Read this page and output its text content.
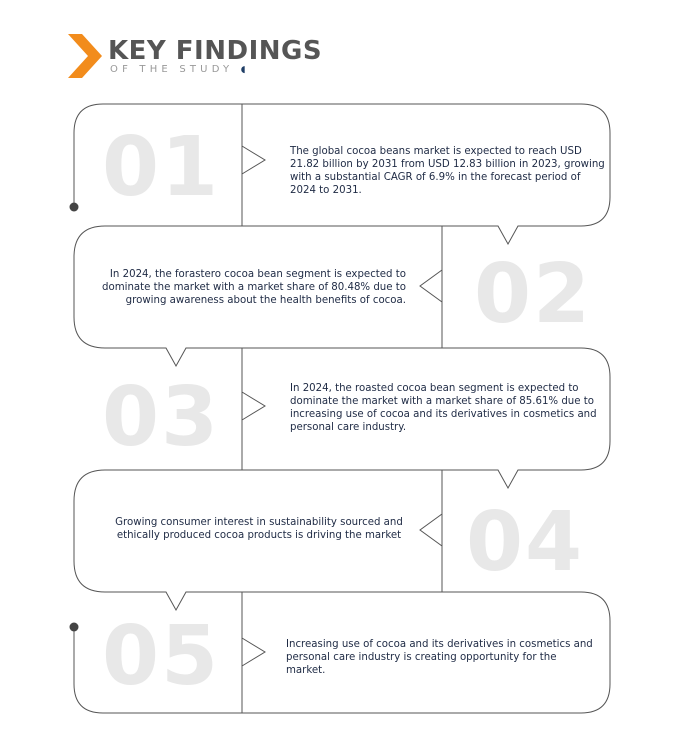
KEY FINDINGS
OF THE STUDY ◖
01
02
03
04
05

The global cocoa beans market is expected to reach USD 21.82 billion by 2031 from USD 12.83 billion in 2023, growing with a substantial CAGR of 6.9% in the forecast period of 2024 to 2031.

In 2024, the forastero cocoa bean segment is expected to dominate the market with a market share of 80.48% due to growing awareness about the health benefits of cocoa.

In 2024, the roasted cocoa bean segment is expected to dominate the market with a market share of 85.61% due to increasing use of cocoa and its derivatives in cosmetics and personal care industry.

Growing consumer interest in sustainability sourced and ethically produced cocoa products is driving the market

Increasing use of cocoa and its derivatives in cosmetics and personal care industry is creating opportunity for the market.
